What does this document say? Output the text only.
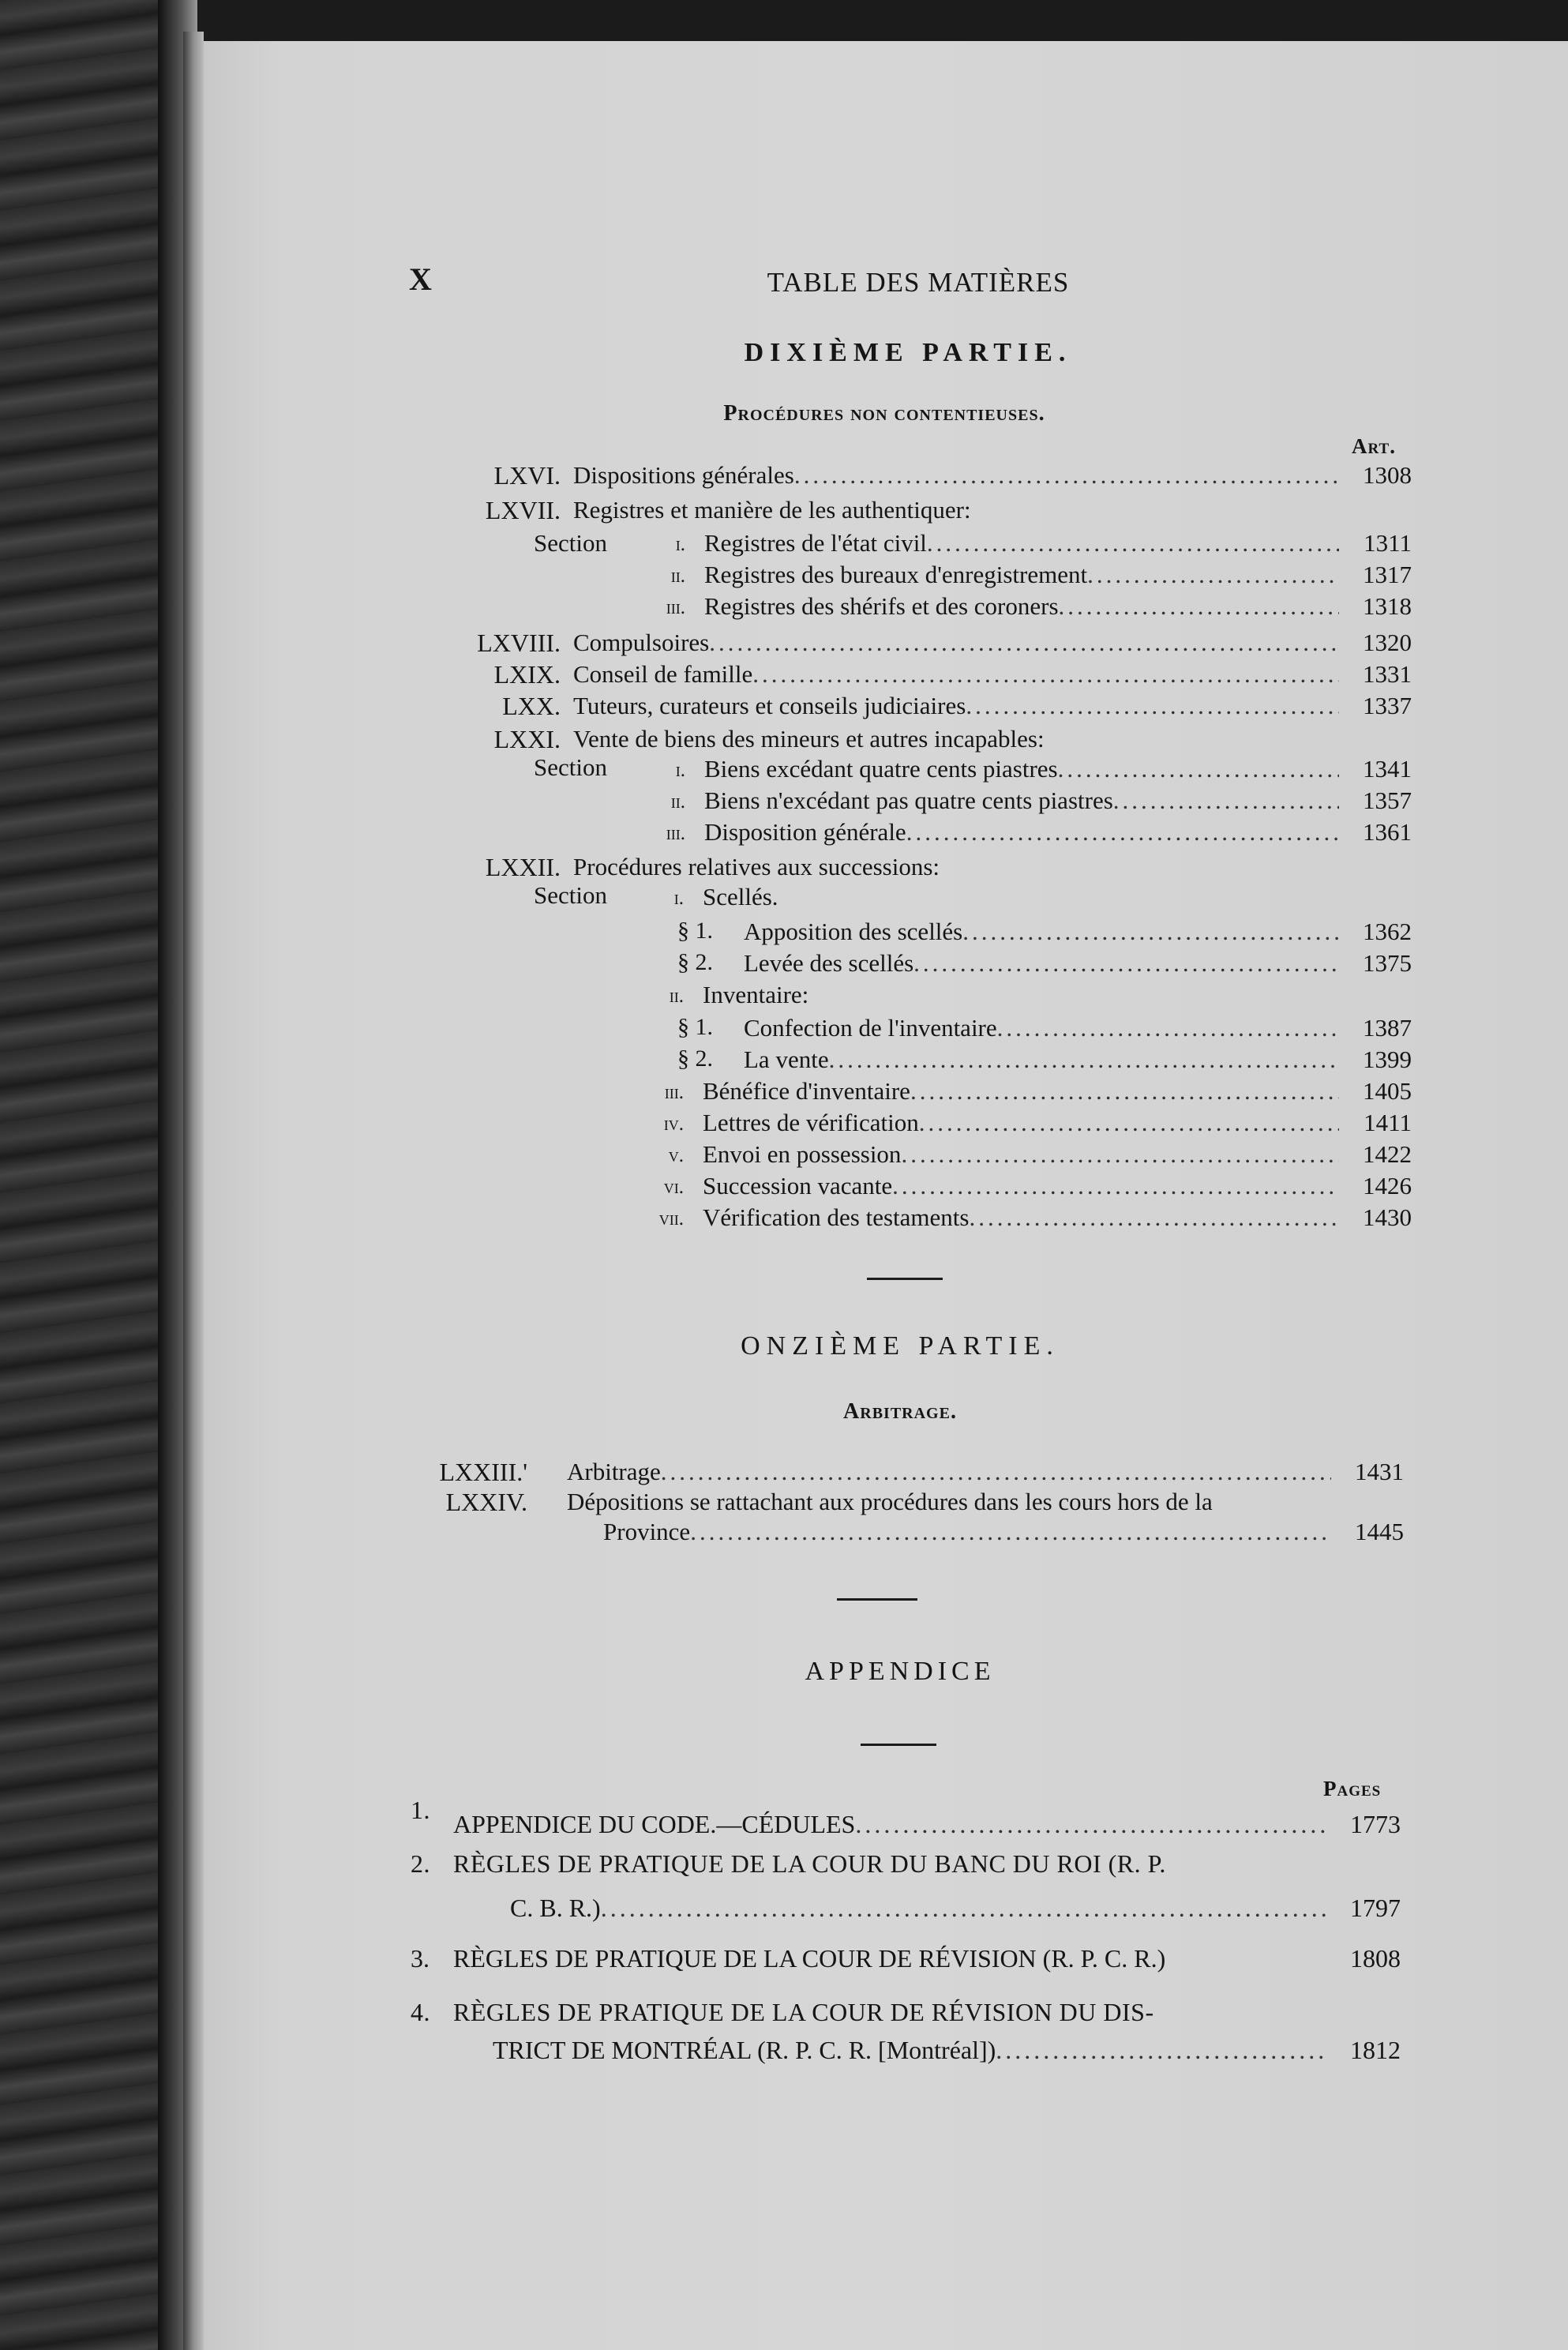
X	TABLE DES MATIÈRES
DIXIÈME PARTIE.
Procédures non contentieuses.
Art.
LXVI. Dispositions générales .....	1308
LXVII. Registres et manière de les authentiquer:
Section	i. Registres de l'état civil .....	1311
ii. Registres des bureaux d'enregistrement .....	1317
iii. Registres des shérifs et des coroners .....	1318
LXVIII. Compulsoires .....	1320
LXIX. Conseil de famille .....	1331
LXX. Tuteurs, curateurs et conseils judiciaires .....	1337
LXXI. Vente de biens des mineurs et autres incapables:
Section	i. Biens excédant quatre cents piastres .....	1341
ii. Biens n'excédant pas quatre cents piastres .....	1357
iii. Disposition générale .....	1361
LXXII. Procédures relatives aux successions:
Section	i. Scellés.
§ 1. Apposition des scellés .....	1362
§ 2. Levée des scellés .....	1375
ii. Inventaire:
§ 1. Confection de l'inventaire .....	1387
§ 2. La vente .....	1399
iii. Bénéfice d'inventaire .....	1405
iv. Lettres de vérification .....	1411
v. Envoi en possession .....	1422
vi. Succession vacante .....	1426
vii. Vérification des testaments .....	1430
ONZIÈME PARTIE.
Arbitrage.
LXXIII.' Arbitrage .....	1431
LXXIV. Dépositions se rattachant aux procédures dans les cours hors de la
Province .....	1445
APPENDICE
Pages
1. APPENDICE DU CODE.—CÉDULES .....	1773
2. RÈGLES DE PRATIQUE DE LA COUR DU BANC DU ROI (R. P.
C. B. R.) .....	1797
3. RÈGLES DE PRATIQUE DE LA COUR DE RÉVISION (R. P. C. R.)	1808
4. RÈGLES DE PRATIQUE DE LA COUR DE RÉVISION DU DIS-
TRICT DE MONTRÉAL (R. P. C. R. [Montréal]) .....	1812
